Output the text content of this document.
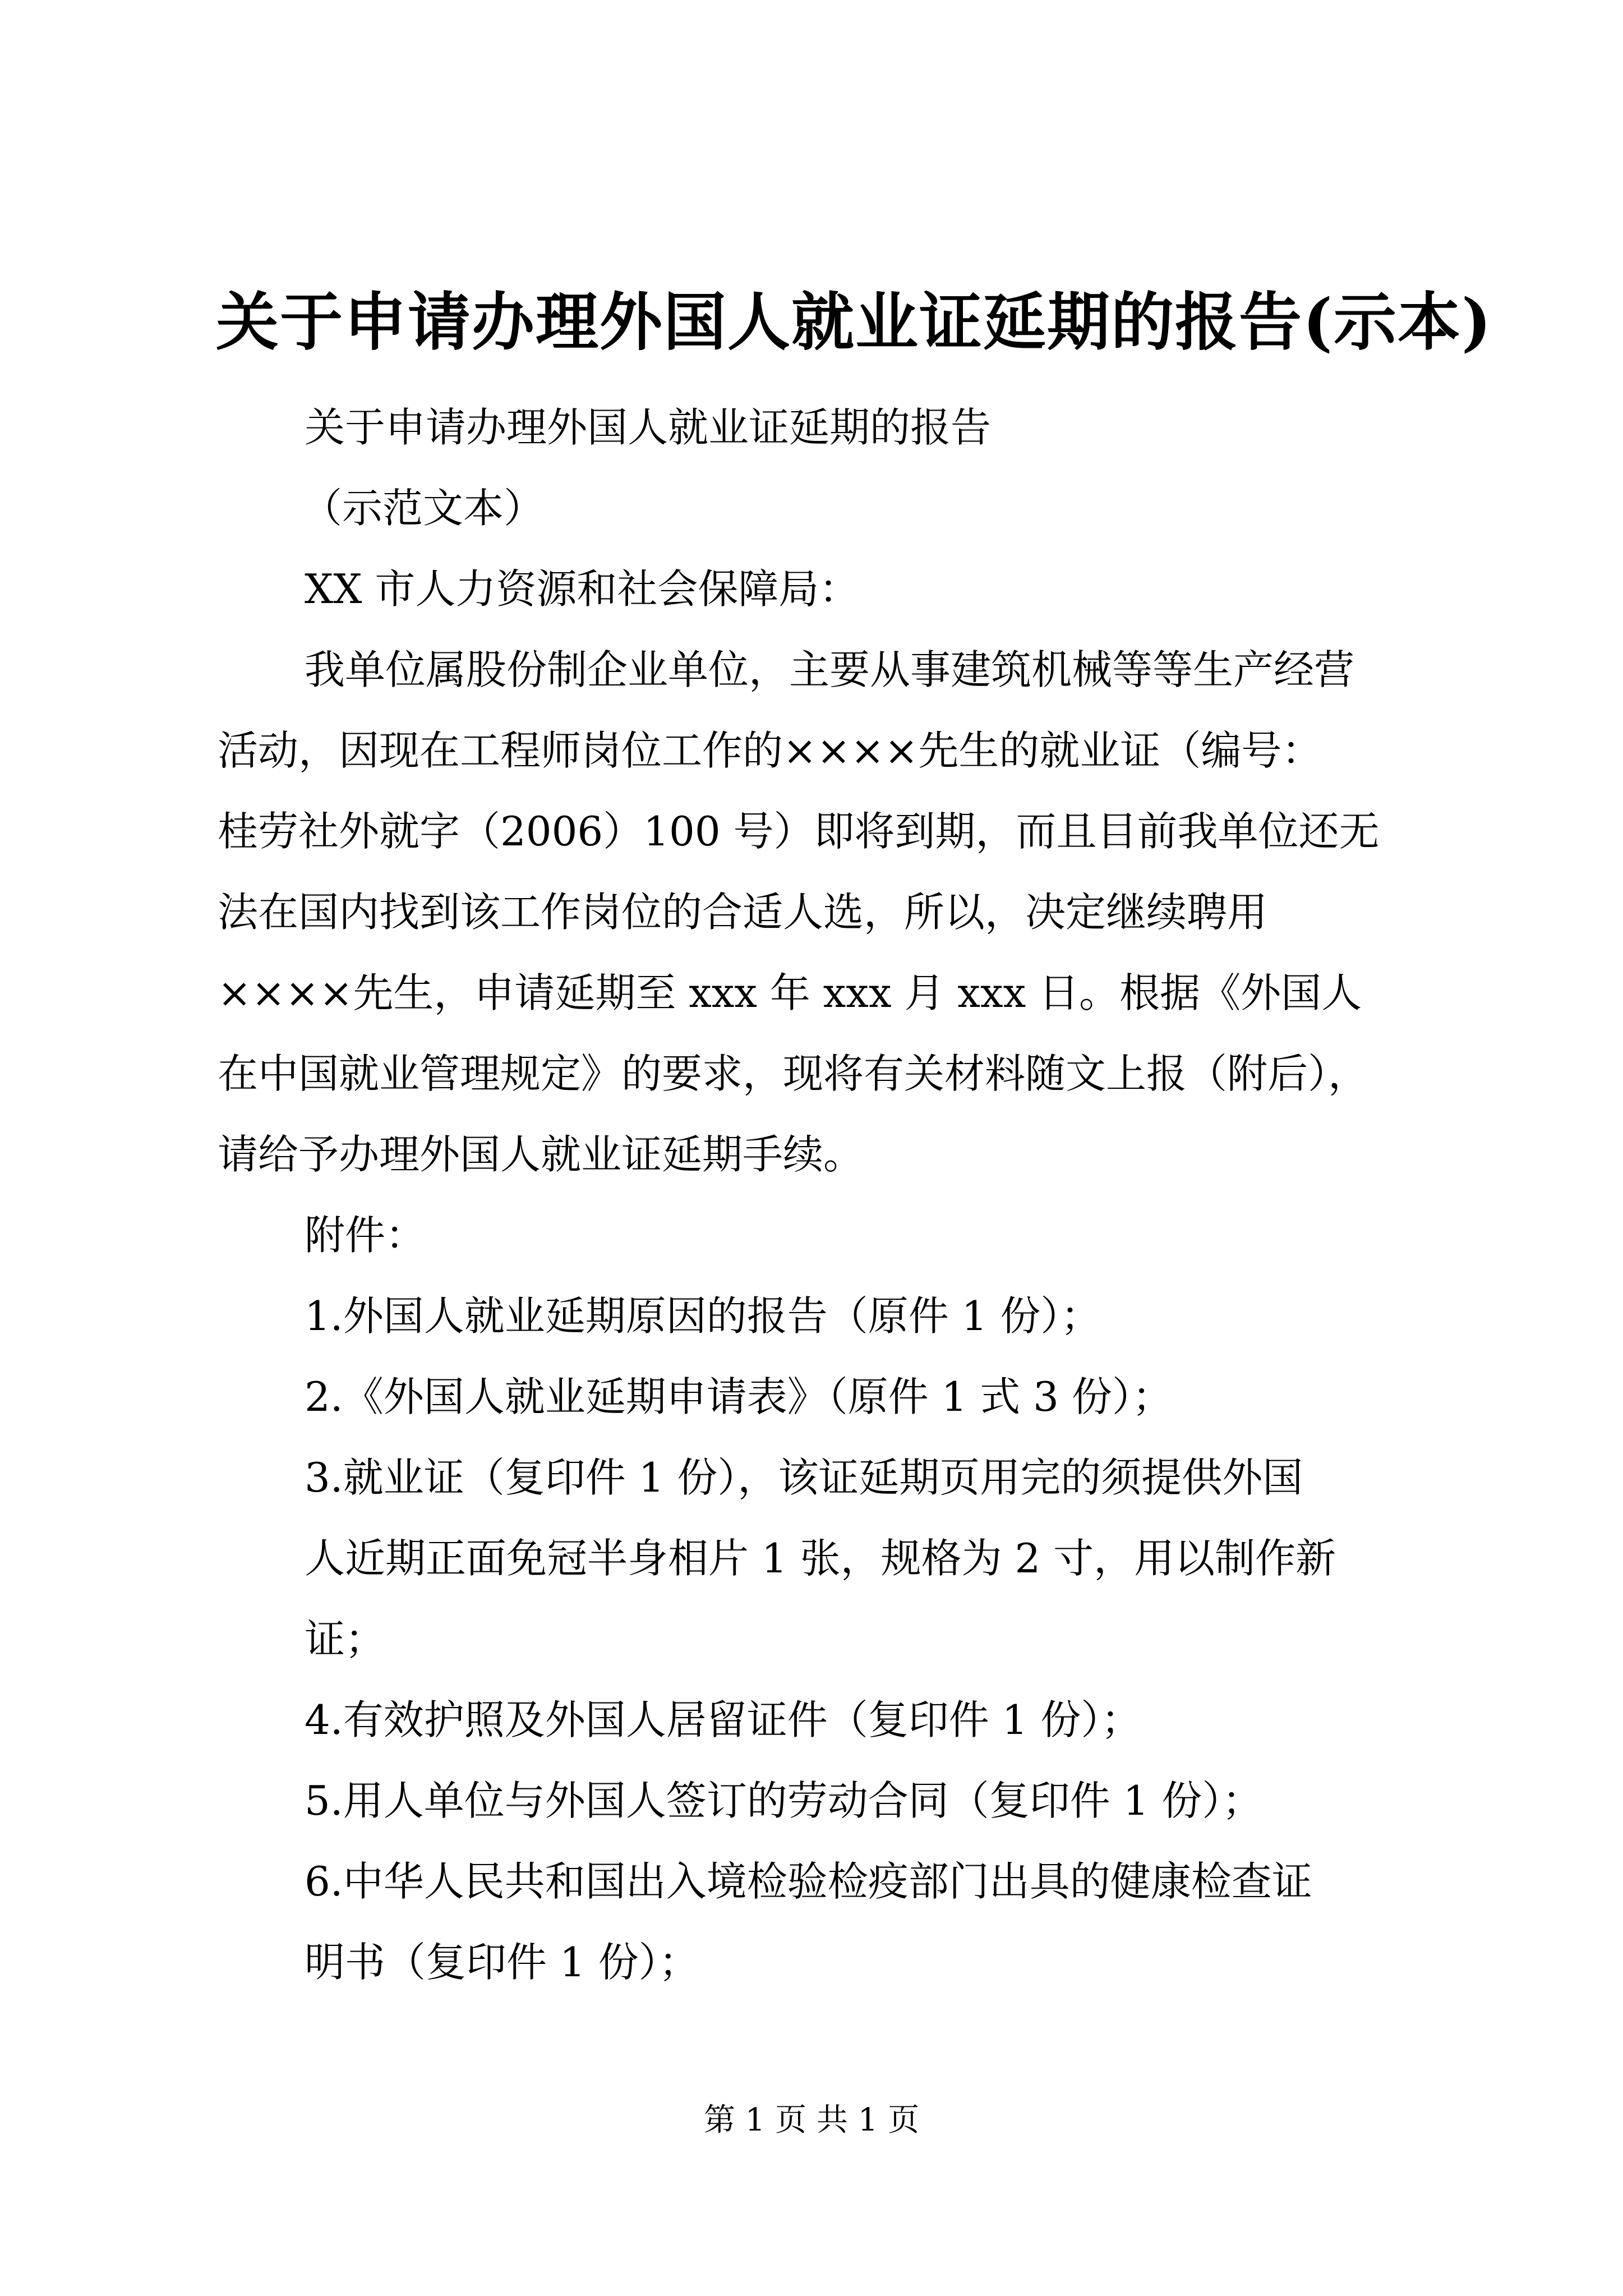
关于申请办理外国人就业证延期的报告(示本)
关于申请办理外国人就业证延期的报告
（示范文本）
XX 市人力资源和社会保障局：
我单位属股份制企业单位，主要从事建筑机械等等生产经营
活动，因现在工程师岗位工作的××××先生的就业证（编号：
桂劳社外就字（2006）100 号）即将到期，而且目前我单位还无
法在国内找到该工作岗位的合适人选，所以，决定继续聘用
××××先生，申请延期至 xxx 年 xxx 月 xxx 日。根据《外国人
在中国就业管理规定》的要求，现将有关材料随文上报（附后），
请给予办理外国人就业证延期手续。
附件：
1.外国人就业延期原因的报告（原件 1 份）；
2.《外国人就业延期申请表》（原件 1 式 3 份）；
3.就业证（复印件 1 份），该证延期页用完的须提供外国
人近期正面免冠半身相片 1 张，规格为 2 寸，用以制作新
证；
4.有效护照及外国人居留证件（复印件 1 份）；
5.用人单位与外国人签订的劳动合同（复印件 1 份）；
6.中华人民共和国出入境检验检疫部门出具的健康检查证
明书（复印件 1 份）；
第 1 页 共 1 页
